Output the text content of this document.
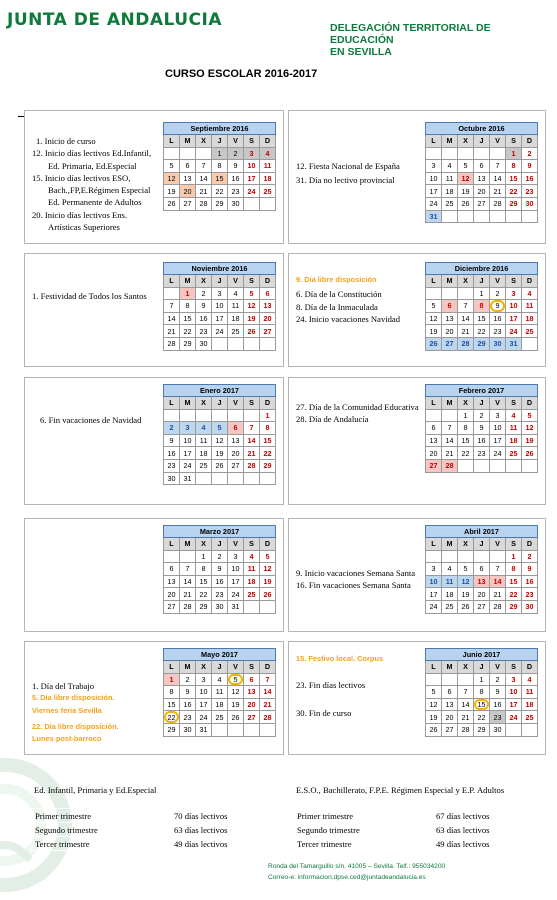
JUNTA DE ANDALUCIA	DELEGACIÓN TERRITORIAL DE EDUCACIÓN
EN SEVILLA
CURSO ESCOLAR 2016-2017
Septiembre 2016						
L	M	X	J	V	S	D
			1	2	3	4
5	6	7	8	9	10	11
12	13	14	15	16	17	18
19	20	21	22	23	24	25
26	27	28	29	30		
Octubre 2016						
L	M	X	J	V	S	D
					1	2
3	4	5	6	7	8	9
10	11	12	13	14	15	16
17	18	19	20	21	22	23
24	25	26	27	28	29	30
31						
Noviembre 2016						
L	M	X	J	V	S	D
	1	2	3	4	5	6
7	8	9	10	11	12	13
14	15	16	17	18	19	20
21	22	23	24	25	26	27
28	29	30				
Diciembre 2016						
L	M	X	J	V	S	D
			1	2	3	4
5	6	7	8	9	10	11
12	13	14	15	16	17	18
19	20	21	22	23	24	25
26	27	28	29	30	31	
Enero 2017						
L	M	X	J	V	S	D
						1
2	3	4	5	6	7	8
9	10	11	12	13	14	15
16	17	18	19	20	21	22
23	24	25	26	27	28	29
30	31					
Febrero 2017						
L	M	X	J	V	S	D
		1	2	3	4	5
6	7	8	9	10	11	12
13	14	15	16	17	18	19
20	21	22	23	24	25	26
27	28					
Marzo 2017						
L	M	X	J	V	S	D
		1	2	3	4	5
6	7	8	9	10	11	12
13	14	15	16	17	18	19
20	21	22	23	24	25	26
27	28	29	30	31		
Abril 2017						
L	M	X	J	V	S	D
					1	2
3	4	5	6	7	8	9
10	11	12	13	14	15	16
17	18	19	20	21	22	23
24	25	26	27	28	29	30
Mayo 2017						
L	M	X	J	V	S	D
1	2	3	4	5	6	7
8	9	10	11	12	13	14
15	16	17	18	19	20	21
22	23	24	25	26	27	28
29	30	31				
Junio 2017						
L	M	X	J	V	S	D
			1	2	3	4
5	6	7	8	9	10	11
12	13	14	15	16	17	18
19	20	21	22	23	24	25
26	27	28	29	30		
1. Inicio de curso
12. Inicio días lectivos Ed.Infantil,
Ed. Primaria, Ed.Especial
15. Inicio días lectivos ESO,
Bach.,FP,E.Régimen Especial
Ed. Permanente de Adultos
20. Inicio días lectivos Ens.
Artísticas Superiores
12. Fiesta Nacional de España
31. Día no lectivo provincial
1. Festividad de Todos los Santos
9. Día libre disposición
6. Día de la Constitución
8. Día de la Inmaculada
24. Inicio vacaciones Navidad
6. Fin vacaciones de Navidad
27. Día de la Comunidad Educativa
28. Día de Andalucía
9. Inicio vacaciones Semana Santa
16. Fin vacaciones Semana Santa
1. Día del Trabajo
5. Día libre disposición.
Viernes feria Sevilla
22. Día libre disposición.
Lunes post-barroco
15. Festivo local. Corpus
23. Fin días lectivos
30. Fin de curso
Ed. Infantil, Primaria y Ed.Especial	E.S.O., Bachillerato, F.P.E. Régimen Especial y E.P. Adultos
Primer trimestre	70 días lectivos
Segundo trimestre	63 días lectivos
Tercer trimestre	49 días lectivos
Primer trimestre	67 días lectivos
Segundo trimestre	63 días lectivos
Tercer trimestre	49 días lectivos
Ronda del Tamarguillo s/n. 41005 – Sevilla. Telf.: 955034200
Correo-e: informacion.dpse.ced@juntadeandalucia.es
